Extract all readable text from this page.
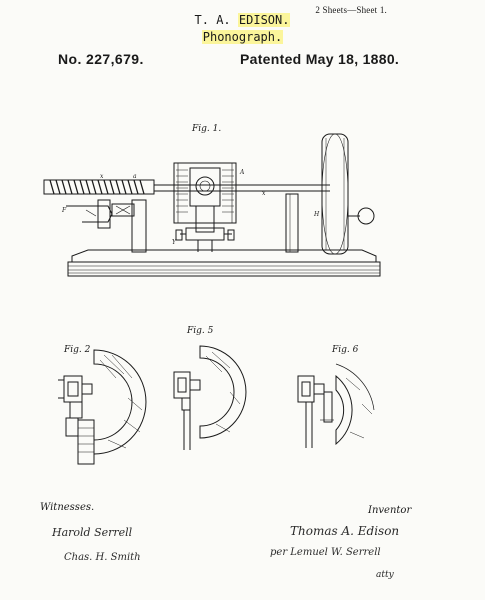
2 Sheets—Sheet 1.
T. A. EDISON.
Phonograph.
No. 227,679.	Patented May 18, 1880.
Fig. 1.
x	a
F
A
x
H
Y
Fig. 2
Fig. 5
Fig. 6
Witnesses.
Harold Serrell
Chas. H. Smith
Inventor
Thomas A. Edison
per Lemuel W. Serrell
atty
